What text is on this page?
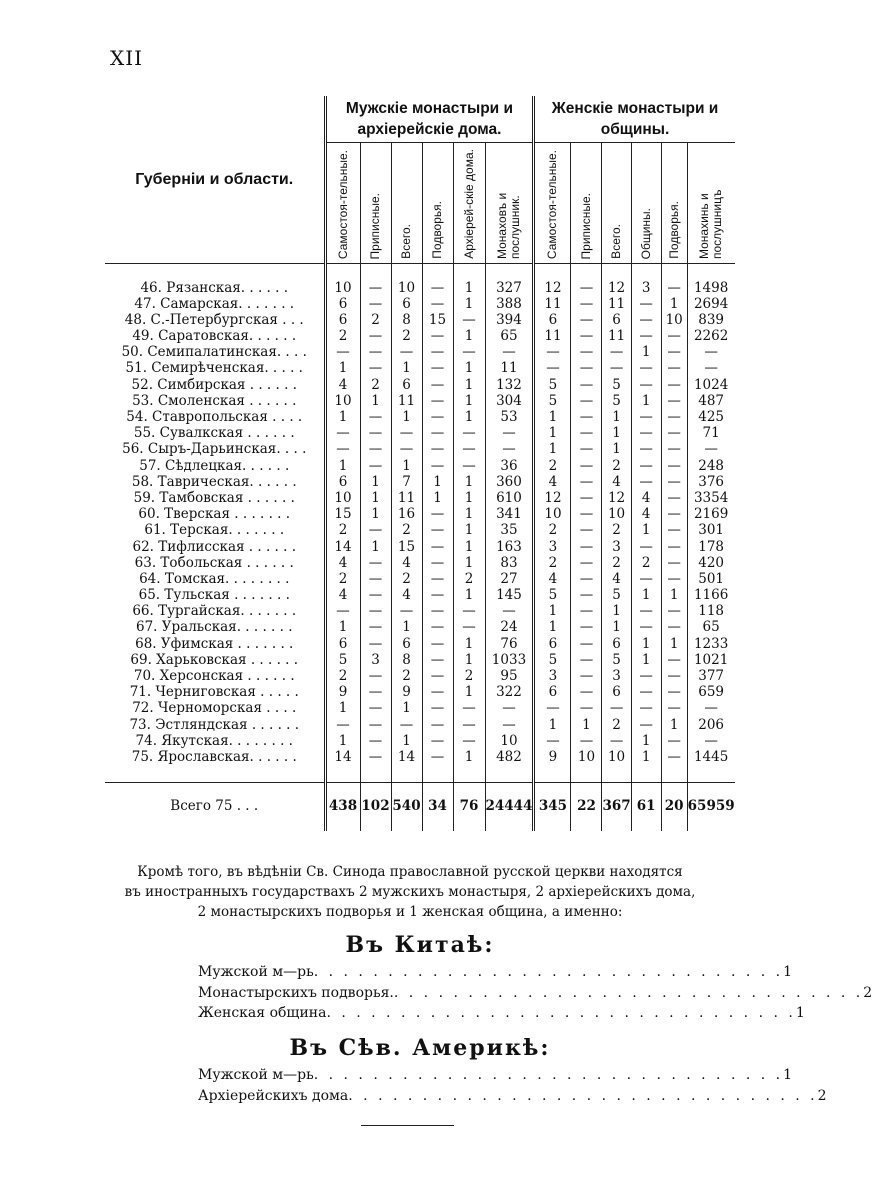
XII
Губерніи и области.	Мужскіе монастыри и архіерейскіе дома.						Женскіе монастыри и общины.					

	Самостоя-тельные.	Приписные.	Всего.	Подворья.	Архіерей-скіе дома.	Монаховъ и послушник.	Самостоя-тельные.	Приписные.	Всего.	Общины.	Подворья.	Монахинь и послушницъ

46. Рязанская. . . . . .	10	—	10	—	1	327	12	—	12	3	—	1498
47. Самарская. . . . . . .	6	—	6	—	1	388	11	—	11	—	1	2694
48. С.-Петербургская . . .	6	2	8	15	—	394	6	—	6	—	10	839
49. Саратовская. . . . . .	2	—	2	—	1	65	11	—	11	—	—	2262
50. Семипалатинская. . . .	—	—	—	—	—	—	—	—	—	1	—	—
51. Семирѣченская. . . . .	1	—	1	—	1	11	—	—	—	—	—	—
52. Симбирская . . . . . .	4	2	6	—	1	132	5	—	5	—	—	1024
53. Смоленская . . . . . .	10	1	11	—	1	304	5	—	5	1	—	487
54. Ставропольская . . . .	1	—	1	—	1	53	1	—	1	—	—	425
55. Сувалкская . . . . . .	—	—	—	—	—	—	1	—	1	—	—	71
56. Сыръ-Дарьинская. . . .	—	—	—	—	—	—	1	—	1	—	—	—
57. Сѣдлецкая. . . . . .	1	—	1	—	—	36	2	—	2	—	—	248
58. Таврическая. . . . . .	6	1	7	1	1	360	4	—	4	—	—	376
59. Тамбовская . . . . . .	10	1	11	1	1	610	12	—	12	4	—	3354
60. Тверская . . . . . . .	15	1	16	—	1	341	10	—	10	4	—	2169
61. Терская. . . . . . .	2	—	2	—	1	35	2	—	2	1	—	301
62. Тифлисская . . . . . .	14	1	15	—	1	163	3	—	3	—	—	178
63. Тобольская . . . . . .	4	—	4	—	1	83	2	—	2	2	—	420
64. Томская. . . . . . . .	2	—	2	—	2	27	4	—	4	—	—	501
65. Тульская . . . . . . .	4	—	4	—	1	145	5	—	5	1	1	1166
66. Тургайская. . . . . . .	—	—	—	—	—	—	1	—	1	—	—	118
67. Уральская. . . . . . .	1	—	1	—	—	24	1	—	1	—	—	65
68. Уфимская . . . . . . .	6	—	6	—	1	76	6	—	6	1	1	1233
69. Харьковская . . . . . .	5	3	8	—	1	1033	5	—	5	1	—	1021
70. Херсонская . . . . . .	2	—	2	—	2	95	3	—	3	—	—	377
71. Черниговская . . . . .	9	—	9	—	1	322	6	—	6	—	—	659
72. Черноморская . . . .	1	—	1	—	—	—	—	—	—	—	—	—
73. Эстляндская . . . . . .	—	—	—	—	—	—	1	1	2	—	1	206
74. Якутская. . . . . . . .	1	—	1	—	—	10	—	—	—	1	—	—
75. Ярославская. . . . . .	14	—	14	—	1	482	9	10	10	1	—	1445

Всего 75 . . .	438	102	540	34	76	24444	345	22	367	61	20	65959
Кромѣ того, въ вѣдѣніи Св. Синода православной русской церкви находятся
въ иностранныхъ государствахъ 2 мужскихъ монастыря, 2 архіерейскихъ дома,
2 монастырскихъ подворья и 1 женская община, а именно:
Въ Китаѣ:
Мужской м—рь . . . . . . . . . . . . . . . . . . . . . . . . . . . . . . . . 1
Монастырскихъ подворья. . . . . . . . . . . . . . . . . . . . . . . . . . . . . . . . . 2
Женская община . . . . . . . . . . . . . . . . . . . . . . . . . . . . . . . . 1
Въ Сѣв. Америкѣ:
Мужской м—рь . . . . . . . . . . . . . . . . . . . . . . . . . . . . . . . . 1
Архіерейскихъ дома . . . . . . . . . . . . . . . . . . . . . . . . . . . . . . . . 2
